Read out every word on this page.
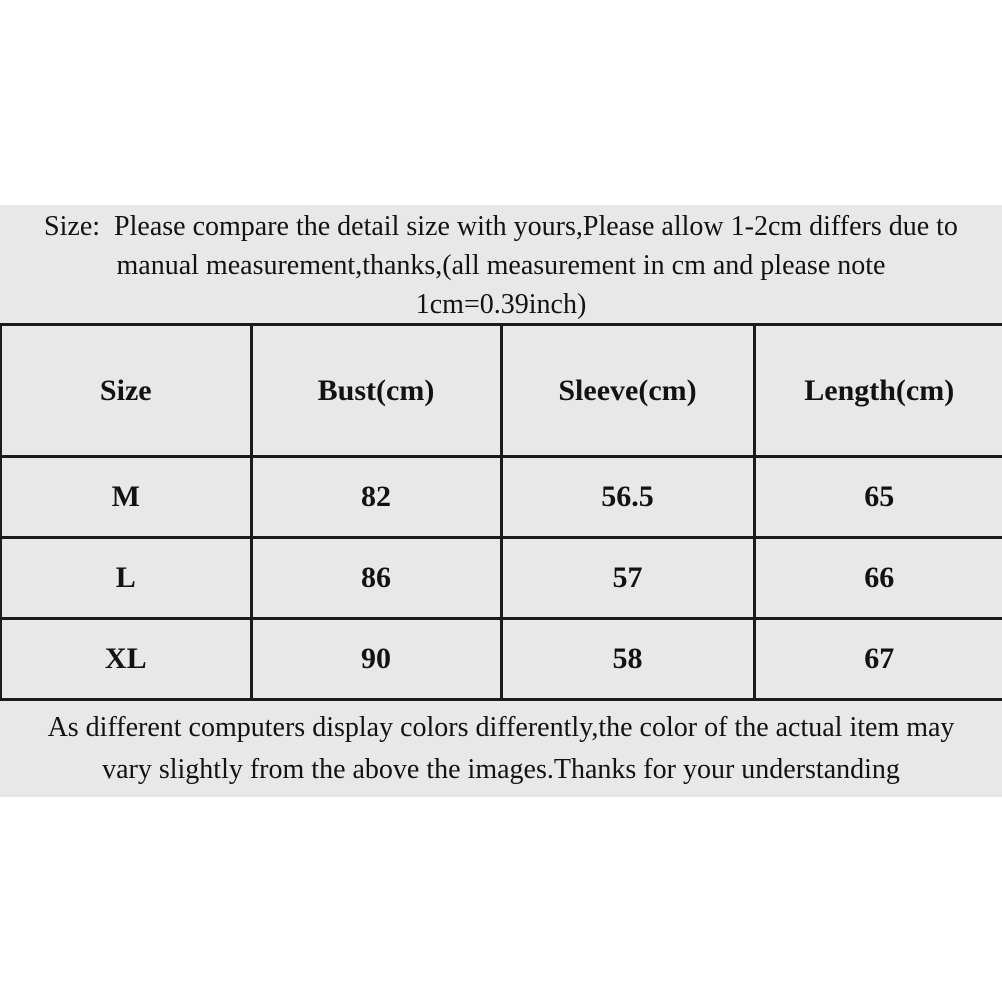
Size:  Please compare the detail size with yours,Please allow 1-2cm differs due to
manual measurement,thanks,(all measurement in cm and please note
1cm=0.39inch)
Size	Bust(cm)	Sleeve(cm)	Length(cm)
M	82	56.5	65
L	86	57	66
XL	90	58	67
As different computers display colors differently,the color of the actual item may
vary slightly from the above the images.Thanks for your understanding
